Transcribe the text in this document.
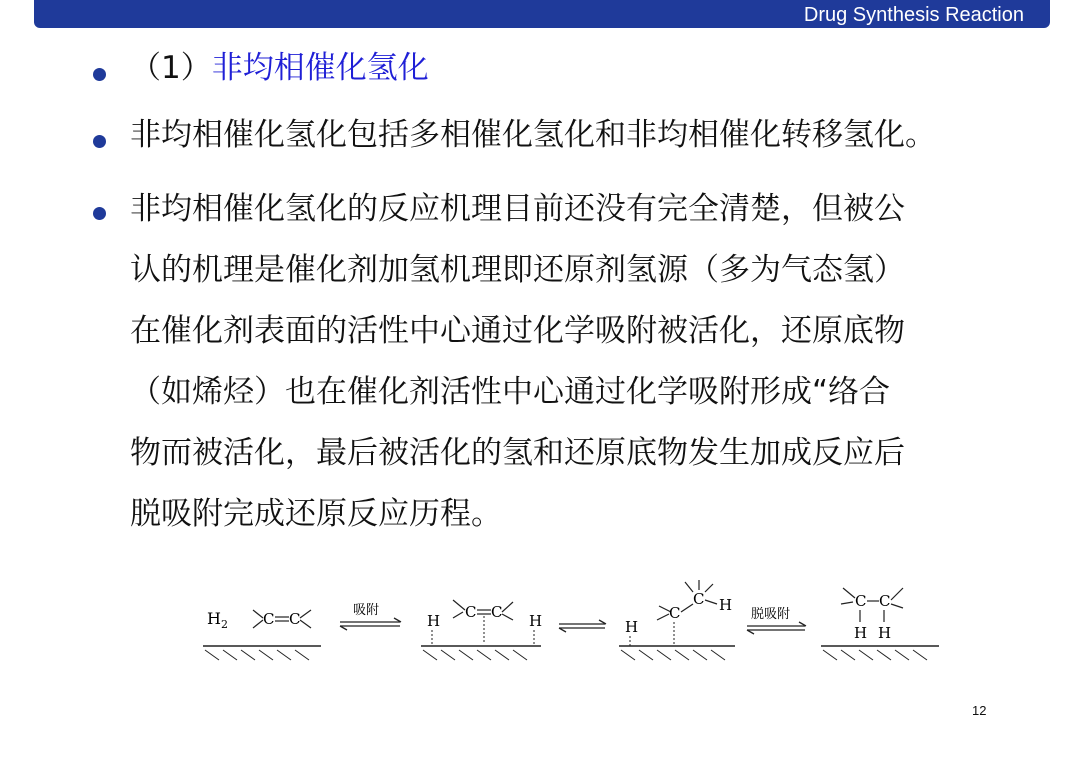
Drug Synthesis Reaction
（1）非均相催化氢化
非均相催化氢化包括多相催化氢化和非均相催化转移氢化。
非均相催化氢化的反应机理目前还没有完全清楚，但被公
认的机理是催化剂加氢机理即还原剂氢源（多为气态氢）
在催化剂表面的活性中心通过化学吸附被活化，还原底物
（如烯烃）也在催化剂活性中心通过化学吸附形成“络合
物而被活化，最后被活化的氢和还原底物发生加成反应后
脱吸附完成还原反应历程。
$H_2$ C C	吸附
H C C H	H
C
C H
脱吸附
C C
H H
12
